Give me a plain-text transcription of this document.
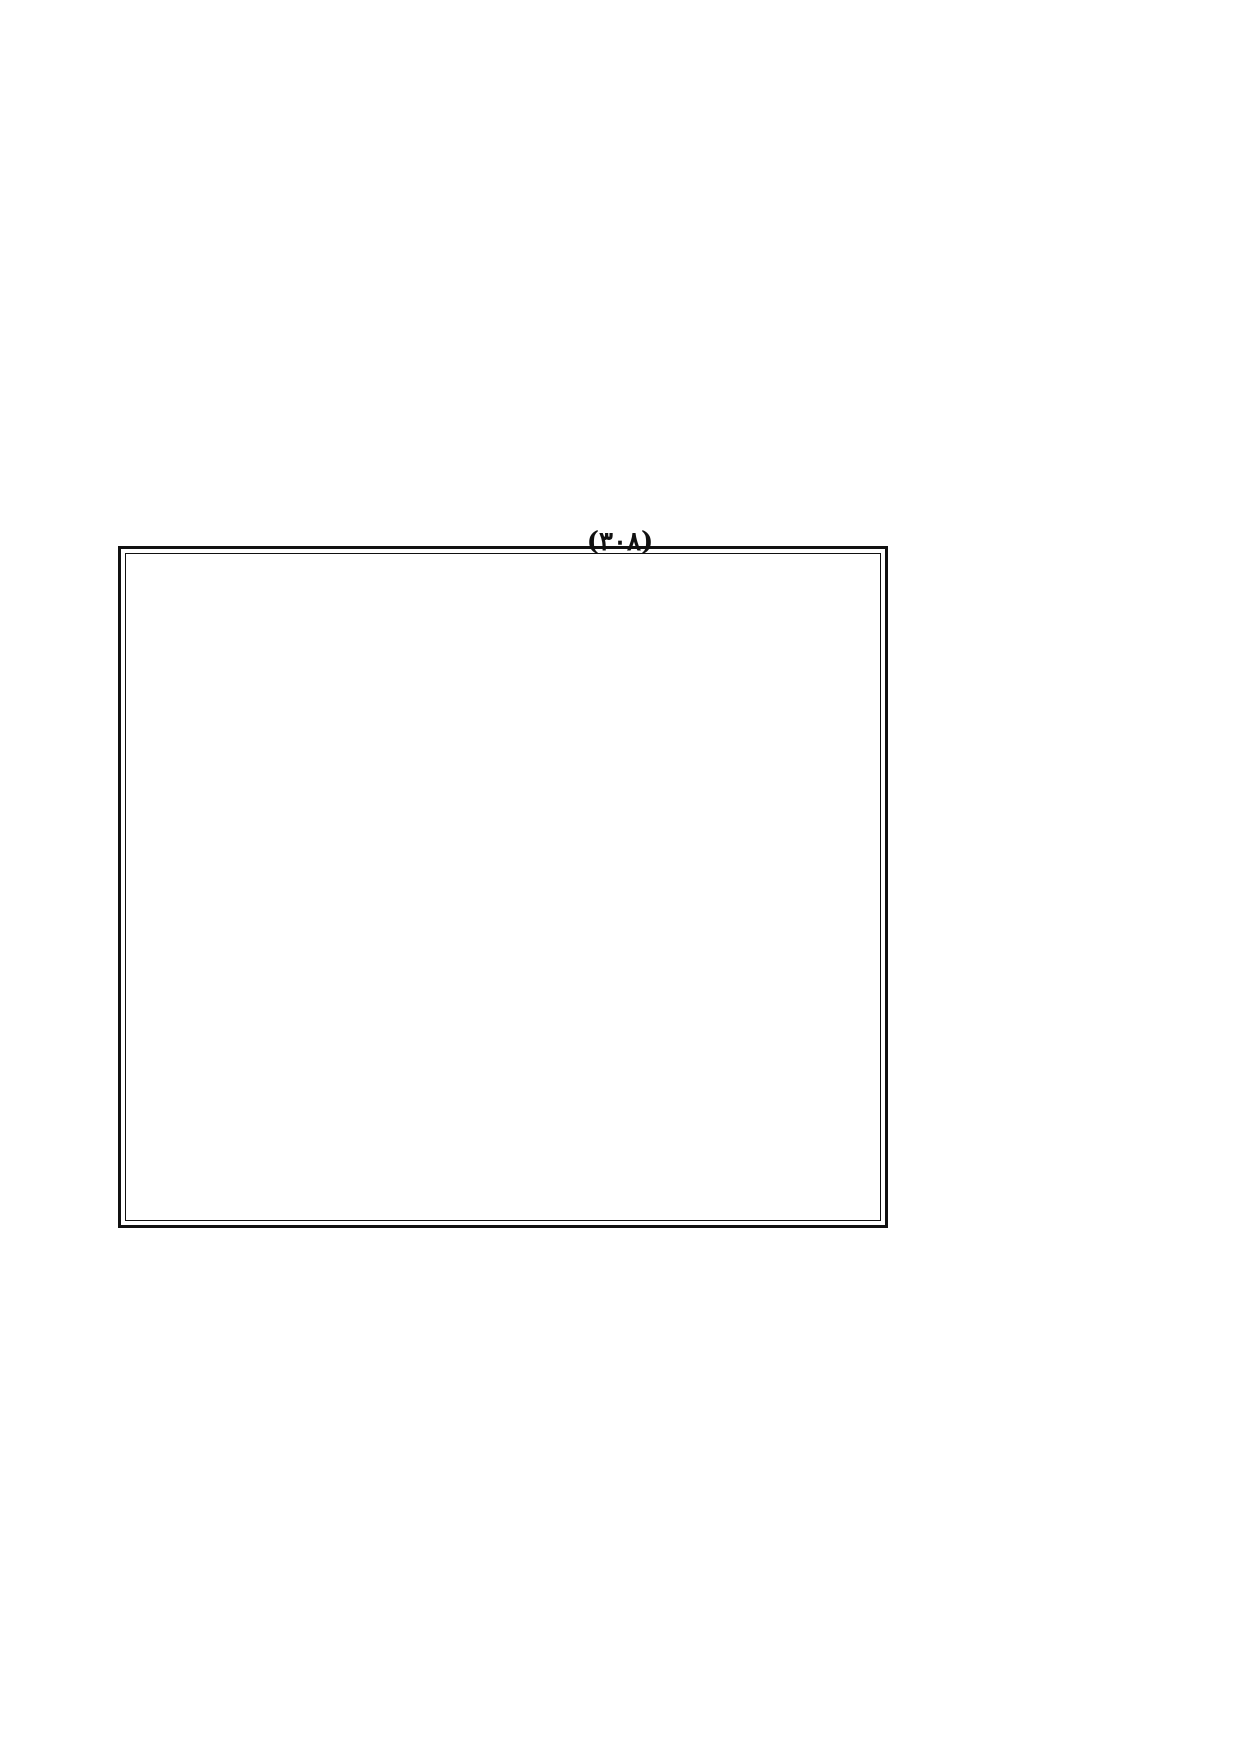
(٣٠٨)
